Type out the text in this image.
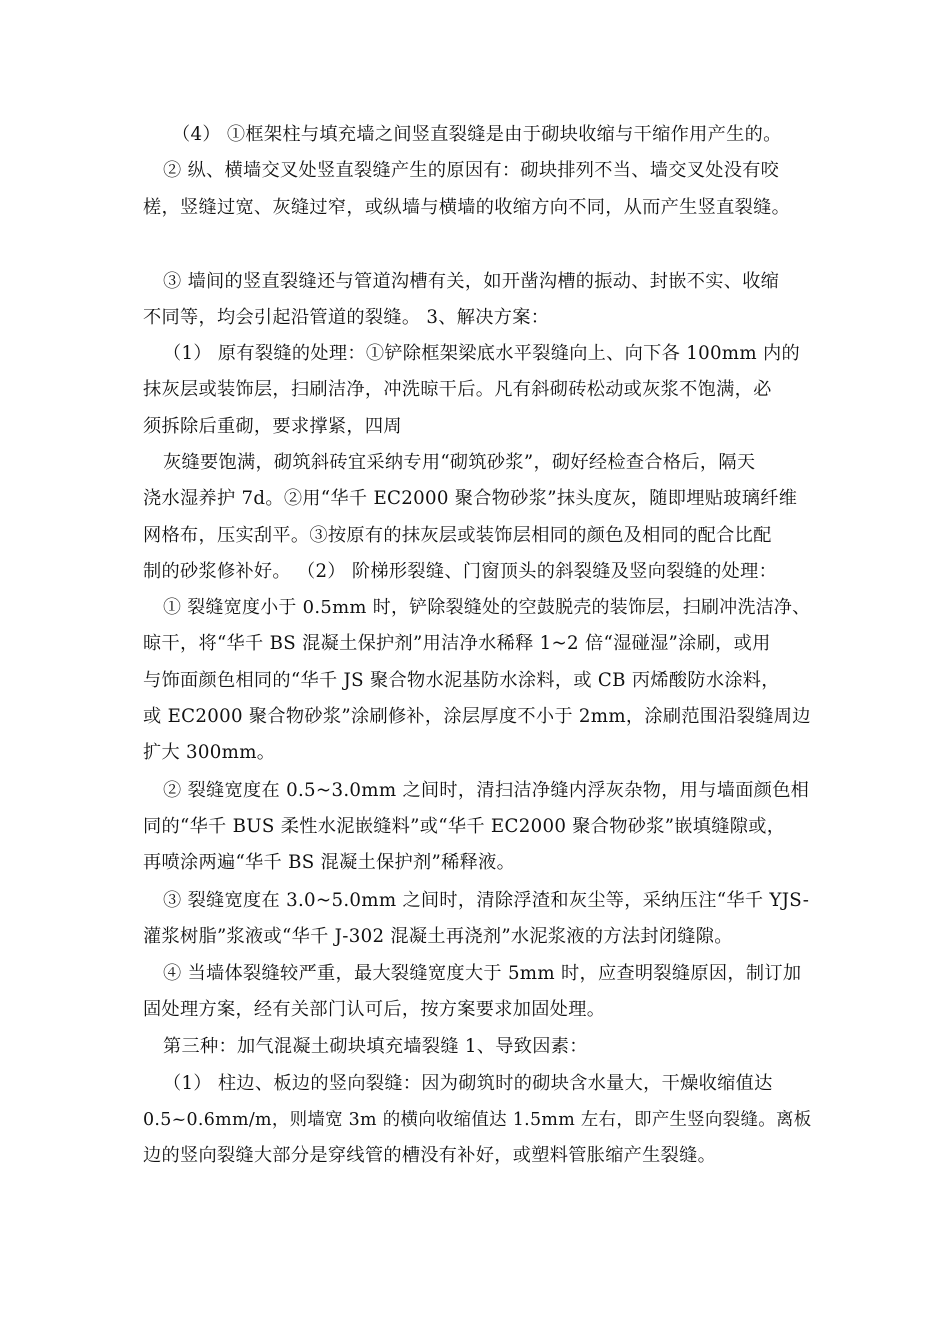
（4） ①框架柱与填充墙之间竖直裂缝是由于砌块收缩与干缩作用产生的。
② 纵、横墙交叉处竖直裂缝产生的原因有：砌块排列不当、墙交叉处没有咬
槎，竖缝过宽、灰缝过窄，或纵墙与横墙的收缩方向不同，从而产生竖直裂缝。
③ 墙间的竖直裂缝还与管道沟槽有关，如开凿沟槽的振动、封嵌不实、收缩
不同等，均会引起沿管道的裂缝。 3、解决方案：
（1） 原有裂缝的处理：①铲除框架梁底水平裂缝向上、向下各 100mm 内的
抹灰层或装饰层，扫刷洁净，冲洗晾干后。凡有斜砌砖松动或灰浆不饱满，必
须拆除后重砌，要求撑紧，四周
灰缝要饱满，砌筑斜砖宜采纳专用“砌筑砂浆”，砌好经检查合格后，隔天
浇水湿养护 7d。②用“华千 EC2000 聚合物砂浆”抹头度灰，随即埋贴玻璃纤维
网格布，压实刮平。③按原有的抹灰层或装饰层相同的颜色及相同的配合比配
制的砂浆修补好。 （2） 阶梯形裂缝、门窗顶头的斜裂缝及竖向裂缝的处理：
① 裂缝宽度小于 0.5mm 时，铲除裂缝处的空鼓脱壳的装饰层，扫刷冲洗洁净、
晾干，将“华千 BS 混凝土保护剂”用洁净水稀释 1~2 倍“湿碰湿”涂刷，或用
与饰面颜色相同的“华千 JS 聚合物水泥基防水涂料，或 CB 丙烯酸防水涂料，
或 EC2000 聚合物砂浆”涂刷修补，涂层厚度不小于 2mm，涂刷范围沿裂缝周边
扩大 300mm。
② 裂缝宽度在 0.5~3.0mm 之间时，清扫洁净缝内浮灰杂物，用与墙面颜色相
同的“华千 BUS 柔性水泥嵌缝料”或“华千 EC2000 聚合物砂浆”嵌填缝隙或，
再喷涂两遍“华千 BS 混凝土保护剂”稀释液。
③ 裂缝宽度在 3.0~5.0mm 之间时，清除浮渣和灰尘等，采纳压注“华千 YJS-
灌浆树脂”浆液或“华千 J-302 混凝土再浇剂”水泥浆液的方法封闭缝隙。
④ 当墙体裂缝较严重，最大裂缝宽度大于 5mm 时，应查明裂缝原因，制订加
固处理方案，经有关部门认可后，按方案要求加固处理。
第三种：加气混凝土砌块填充墙裂缝 1、导致因素：
（1） 柱边、板边的竖向裂缝：因为砌筑时的砌块含水量大，干燥收缩值达
0.5~0.6mm/m，则墙宽 3m 的横向收缩值达 1.5mm 左右，即产生竖向裂缝。离板
边的竖向裂缝大部分是穿线管的槽没有补好，或塑料管胀缩产生裂缝。
